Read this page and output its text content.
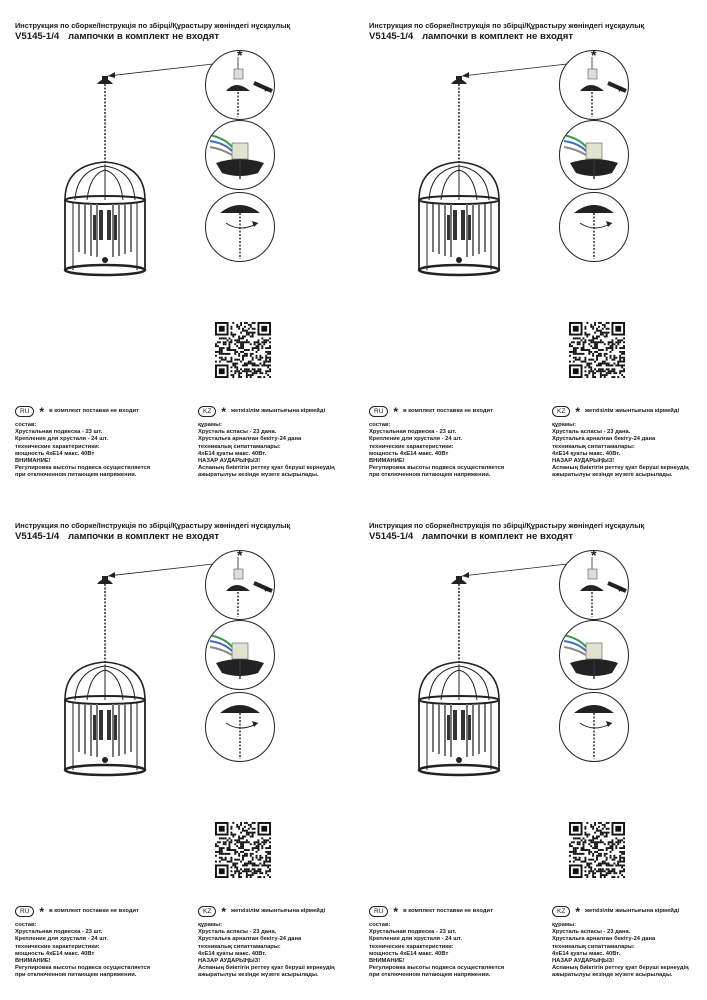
Инструкция по сборке/Інструкція по збірці/Құрастыру жөніндегі нұсқаулық
V5145-1/4 лампочки в комплект не входят
*
*
RU * в комплект поставки не входит
состав:
Хрустальная подвеска - 23 шт.
Крепление для хрусталя - 24 шт.
технические характеристики:
мощность 4хЕ14 макс. 40Вт
ВНИМАНИЕ!
Регулировка высоты подвеса осуществляется
при отключенном питающем напряжении.
KZ * жеткізілім жиынтығына кірмейді
құрамы:
Хрусталь аспасы - 23 дана.
Хрустальға арналған бекіту-24 дана
техникалық сипаттамалары:
4хЕ14 қуаты макс. 40Вт.
НАЗАР АУДАРЫҢЫЗ!
Аспаның биіктігін реттеу қуат беруші кернеудің
ажыратылуы кезінде жүзеге асырылады.
Инструкция по сборке/Інструкція по збірці/Құрастыру жөніндегі нұсқаулық
V5145-1/4 лампочки в комплект не входят
*
*
RU * в комплект поставки не входит
состав:
Хрустальная подвеска - 23 шт.
Крепление для хрусталя - 24 шт.
технические характеристики:
мощность 4хЕ14 макс. 40Вт
ВНИМАНИЕ!
Регулировка высоты подвеса осуществляется
при отключенном питающем напряжении.
KZ * жеткізілім жиынтығына кірмейді
құрамы:
Хрусталь аспасы - 23 дана.
Хрустальға арналған бекіту-24 дана
техникалық сипаттамалары:
4хЕ14 қуаты макс. 40Вт.
НАЗАР АУДАРЫҢЫЗ!
Аспаның биіктігін реттеу қуат беруші кернеудің
ажыратылуы кезінде жүзеге асырылады.
Инструкция по сборке/Інструкція по збірці/Құрастыру жөніндегі нұсқаулық
V5145-1/4 лампочки в комплект не входят
*
*
RU * в комплект поставки не входит
состав:
Хрустальная подвеска - 23 шт.
Крепление для хрусталя - 24 шт.
технические характеристики:
мощность 4хЕ14 макс. 40Вт
ВНИМАНИЕ!
Регулировка высоты подвеса осуществляется
при отключенном питающем напряжении.
KZ * жеткізілім жиынтығына кірмейді
құрамы:
Хрусталь аспасы - 23 дана.
Хрустальға арналған бекіту-24 дана
техникалық сипаттамалары:
4хЕ14 қуаты макс. 40Вт.
НАЗАР АУДАРЫҢЫЗ!
Аспаның биіктігін реттеу қуат беруші кернеудің
ажыратылуы кезінде жүзеге асырылады.
Инструкция по сборке/Інструкція по збірці/Құрастыру жөніндегі нұсқаулық
V5145-1/4 лампочки в комплект не входят
*
*
RU * в комплект поставки не входит
состав:
Хрустальная подвеска - 23 шт.
Крепление для хрусталя - 24 шт.
технические характеристики:
мощность 4хЕ14 макс. 40Вт
ВНИМАНИЕ!
Регулировка высоты подвеса осуществляется
при отключенном питающем напряжении.
KZ * жеткізілім жиынтығына кірмейді
құрамы:
Хрусталь аспасы - 23 дана.
Хрустальға арналған бекіту-24 дана
техникалық сипаттамалары:
4хЕ14 қуаты макс. 40Вт.
НАЗАР АУДАРЫҢЫЗ!
Аспаның биіктігін реттеу қуат беруші кернеудің
ажыратылуы кезінде жүзеге асырылады.
